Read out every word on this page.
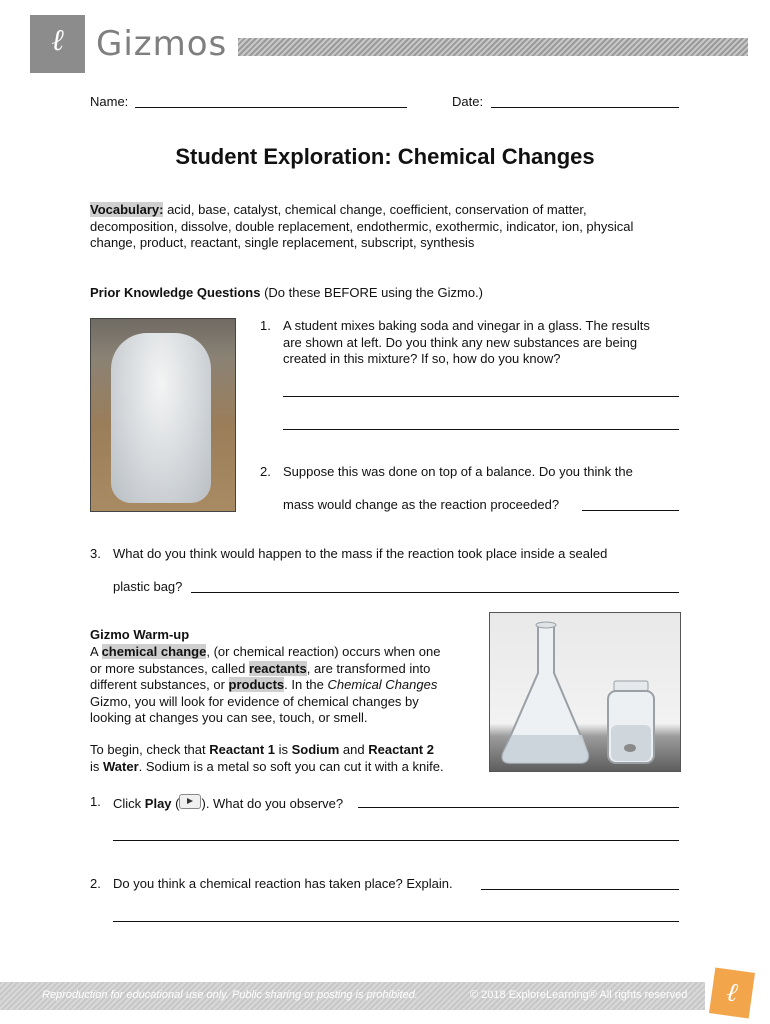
ℓ Gizmos
Name:	Date:
Student Exploration: Chemical Changes
Vocabulary: acid, base, catalyst, chemical change, coefficient, conservation of matter,
decomposition, dissolve, double replacement, endothermic, exothermic, indicator, ion, physical
change, product, reactant, single replacement, subscript, synthesis
Prior Knowledge Questions (Do these BEFORE using the Gizmo.)
1. A student mixes baking soda and vinegar in a glass. The results
are shown at left. Do you think any new substances are being
created in this mixture? If so, how do you know?
2. Suppose this was done on top of a balance. Do you think the
mass would change as the reaction proceeded?
3. What do you think would happen to the mass if the reaction took place inside a sealed
plastic bag?
Gizmo Warm-up
A chemical change, (or chemical reaction) occurs when one
or more substances, called reactants, are transformed into
different substances, or products. In the Chemical Changes
Gizmo, you will look for evidence of chemical changes by
looking at changes you can see, touch, or smell.
To begin, check that Reactant 1 is Sodium and Reactant 2
is Water. Sodium is a metal so soft you can cut it with a knife.
1. Click Play ( ). What do you observe?
2. Do you think a chemical reaction has taken place? Explain.
Reproduction for educational use only. Public sharing or posting is prohibited.	© 2018 ExploreLearning® All rights reserved	ℓ
